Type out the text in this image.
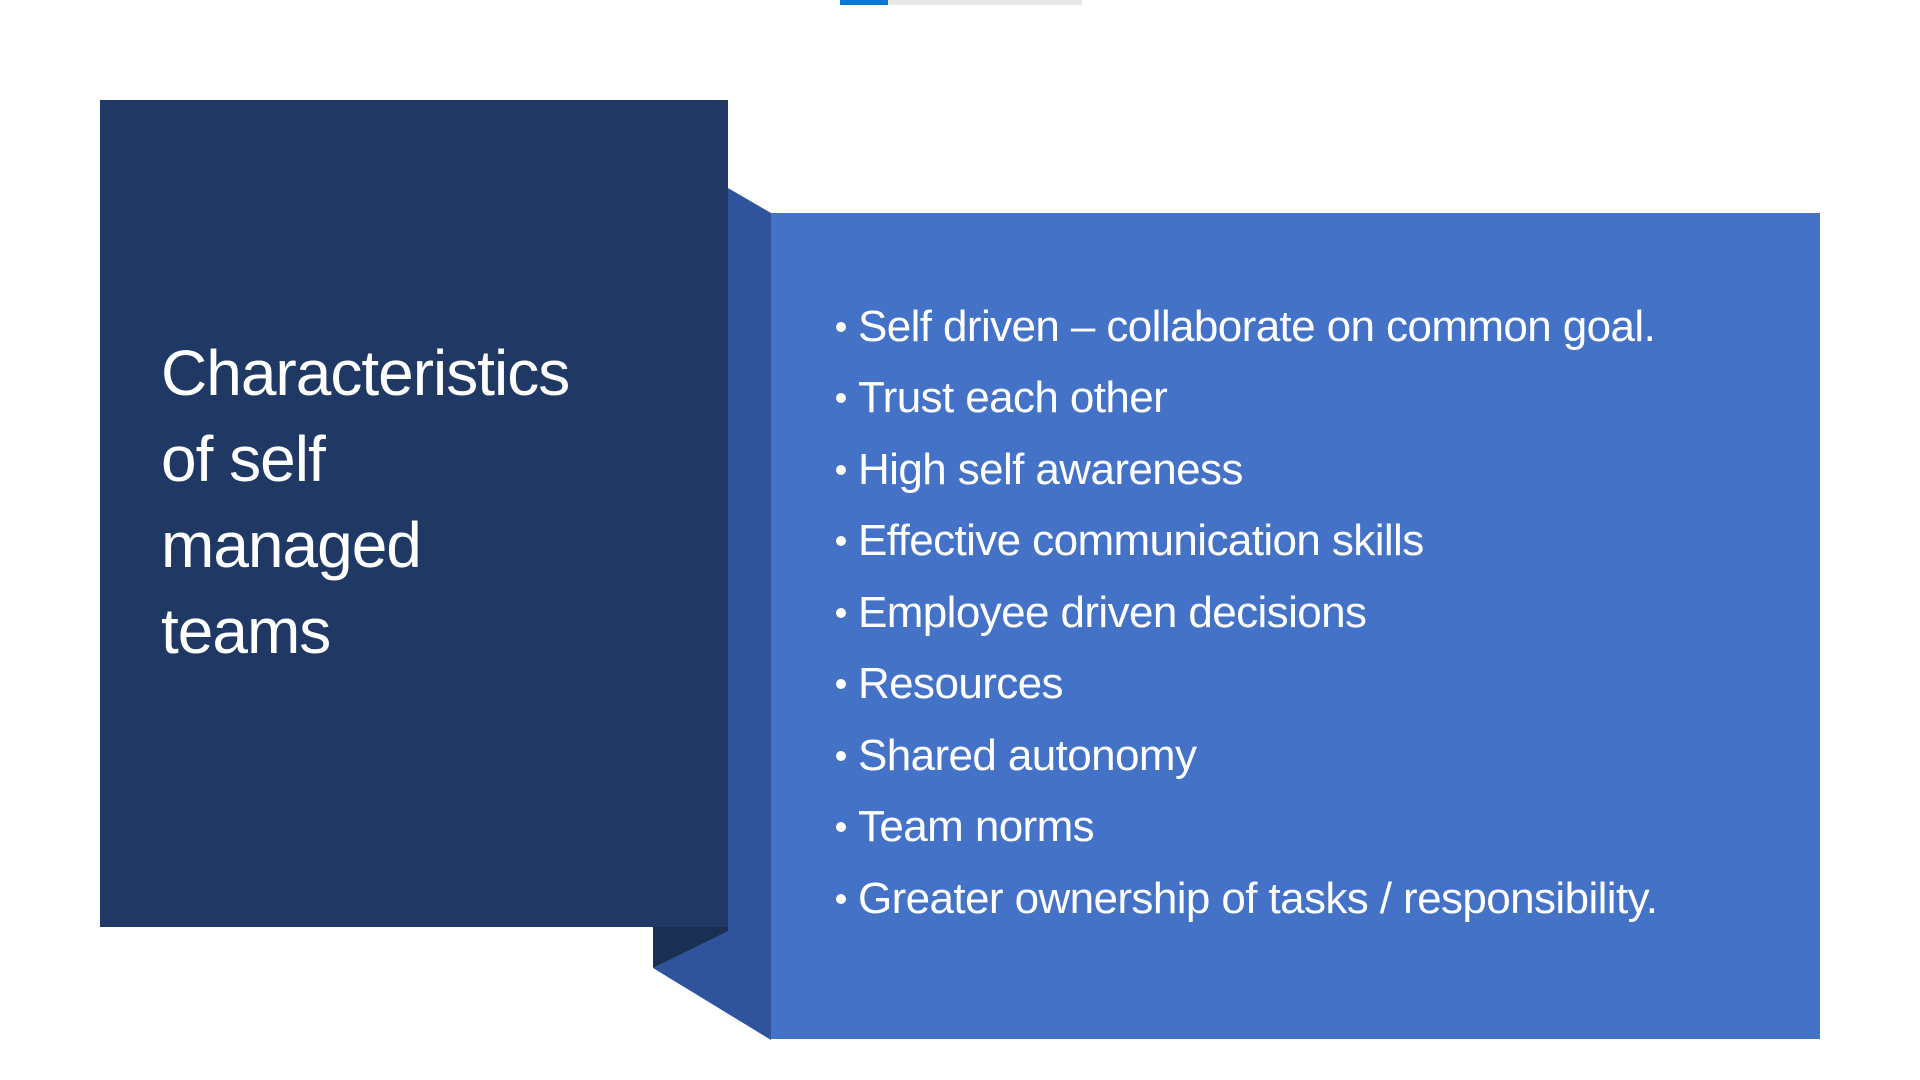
Characteristics
of self
managed
teams
Self driven – collaborate on common goal.
Trust each other
High self awareness
Effective communication skills
Employee driven decisions
Resources
Shared autonomy
Team norms
Greater ownership of tasks / responsibility.
